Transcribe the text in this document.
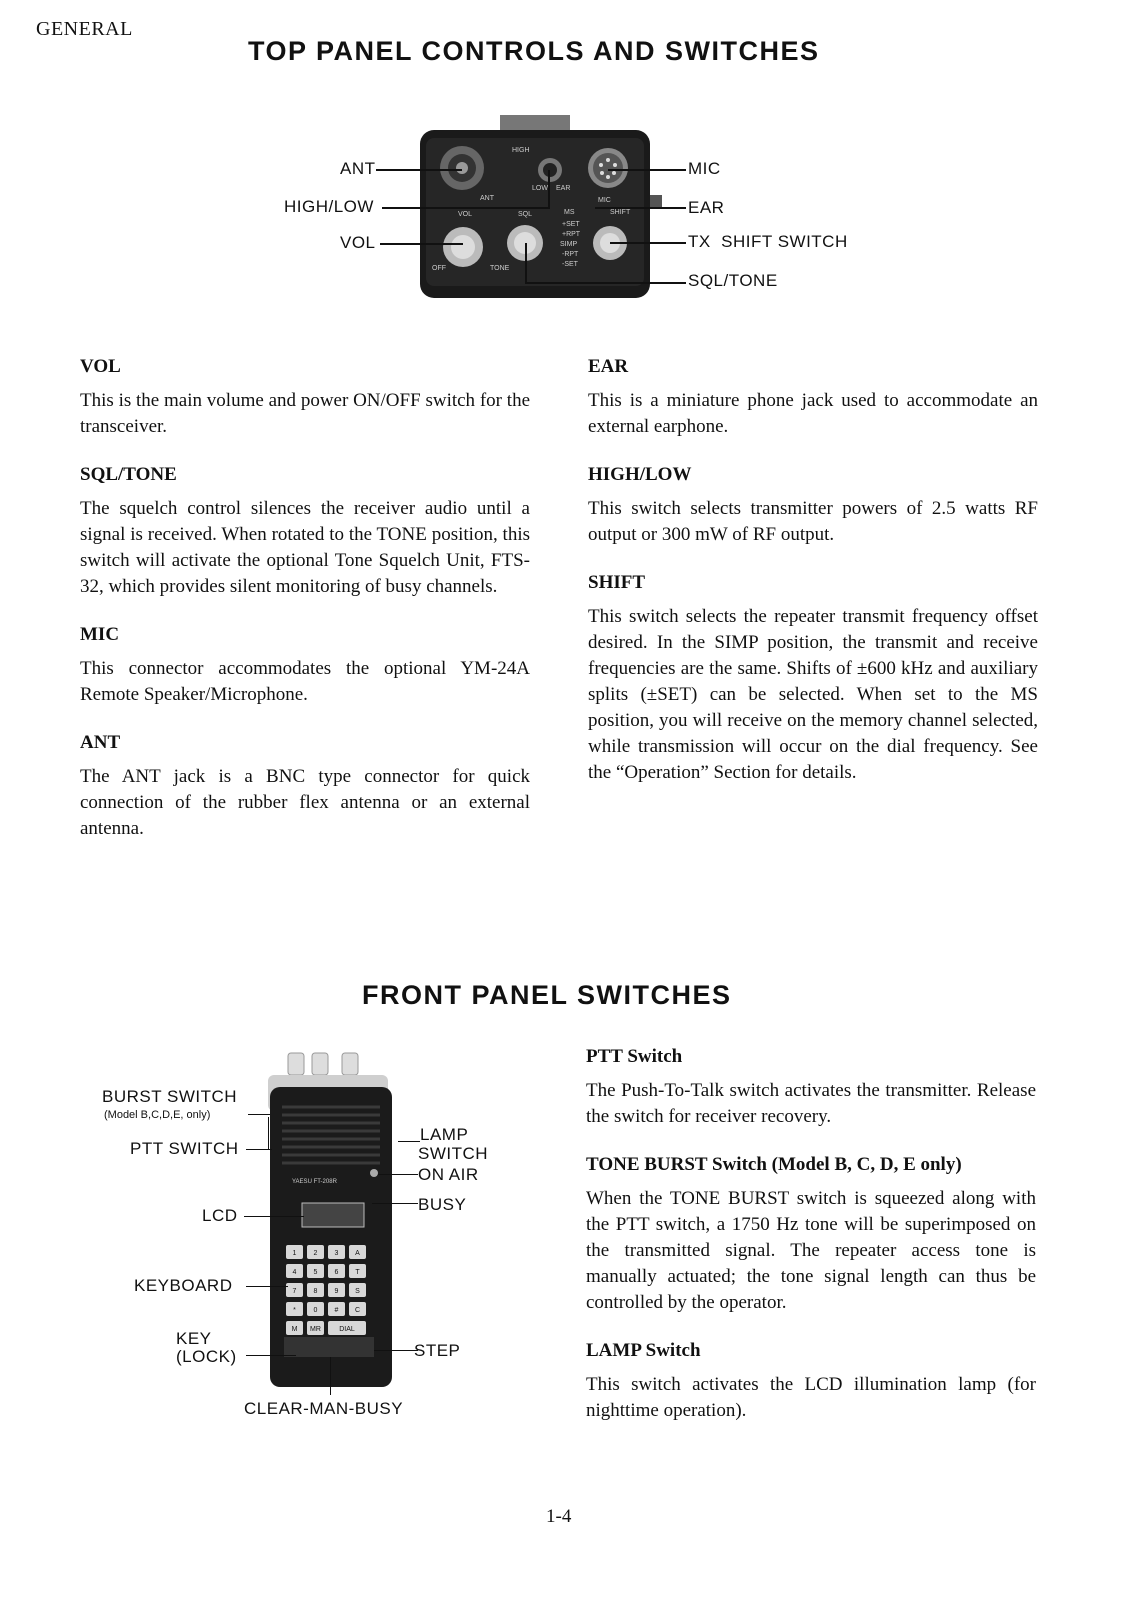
GENERAL
TOP PANEL CONTROLS AND SWITCHES
HIGH
LOW EAR
ANT	MIC
VOL	SQL	MS	SHIFT
+SET
+RPT
SIMP
-RPT
-SET
OFF	TONE
ANT
HIGH/LOW
VOL
MIC
EAR
TX  SHIFT SWITCH
SQL/TONE
VOL

This is the main volume and power ON/OFF switch for the transceiver.

SQL/TONE

The squelch control silences the receiver audio until a signal is received. When rotated to the TONE position, this switch will activate the optional Tone Squelch Unit, FTS-32, which provides silent monitoring of busy channels.

MIC

This connector accommodates the optional YM-24A Remote Speaker/Microphone.

ANT

The ANT jack is a BNC type connector for quick connection of the rubber flex antenna or an external antenna.

EAR

This is a miniature phone jack used to accommodate an external earphone.

HIGH/LOW

This switch selects transmitter powers of 2.5 watts RF output or 300 mW of RF output.

SHIFT

This switch selects the repeater transmit frequency offset desired. In the SIMP position, the transmit and receive frequencies are the same. Shifts of ±600 kHz and auxiliary splits (±SET) can be selected. When set to the MS position, you will receive on the memory channel selected, while transmission will occur on the dial frequency. See the “Operation” Section for details.

FRONT PANEL SWITCHES
YAESU FT-208R
1 2 3 A
4 5 6 T
7 8 9 S
*	0 # C
M MR	DIAL
BURST SWITCH
(Model B,C,D,E, only)
PTT SWITCH
LCD
KEYBOARD
KEY
(LOCK)
LAMP
SWITCH
ON AIR
BUSY
STEP
CLEAR-MAN-BUSY
PTT Switch

The Push-To-Talk switch activates the transmitter. Release the switch for receiver recovery.

TONE BURST Switch (Model B, C, D, E only)

When the TONE BURST switch is squeezed along with the PTT switch, a 1750 Hz tone will be superimposed on the transmitted signal. The repeater access tone is manually actuated; the tone signal length can thus be controlled by the operator.

LAMP Switch

This switch activates the LCD illumination lamp (for nighttime operation).

1-4
